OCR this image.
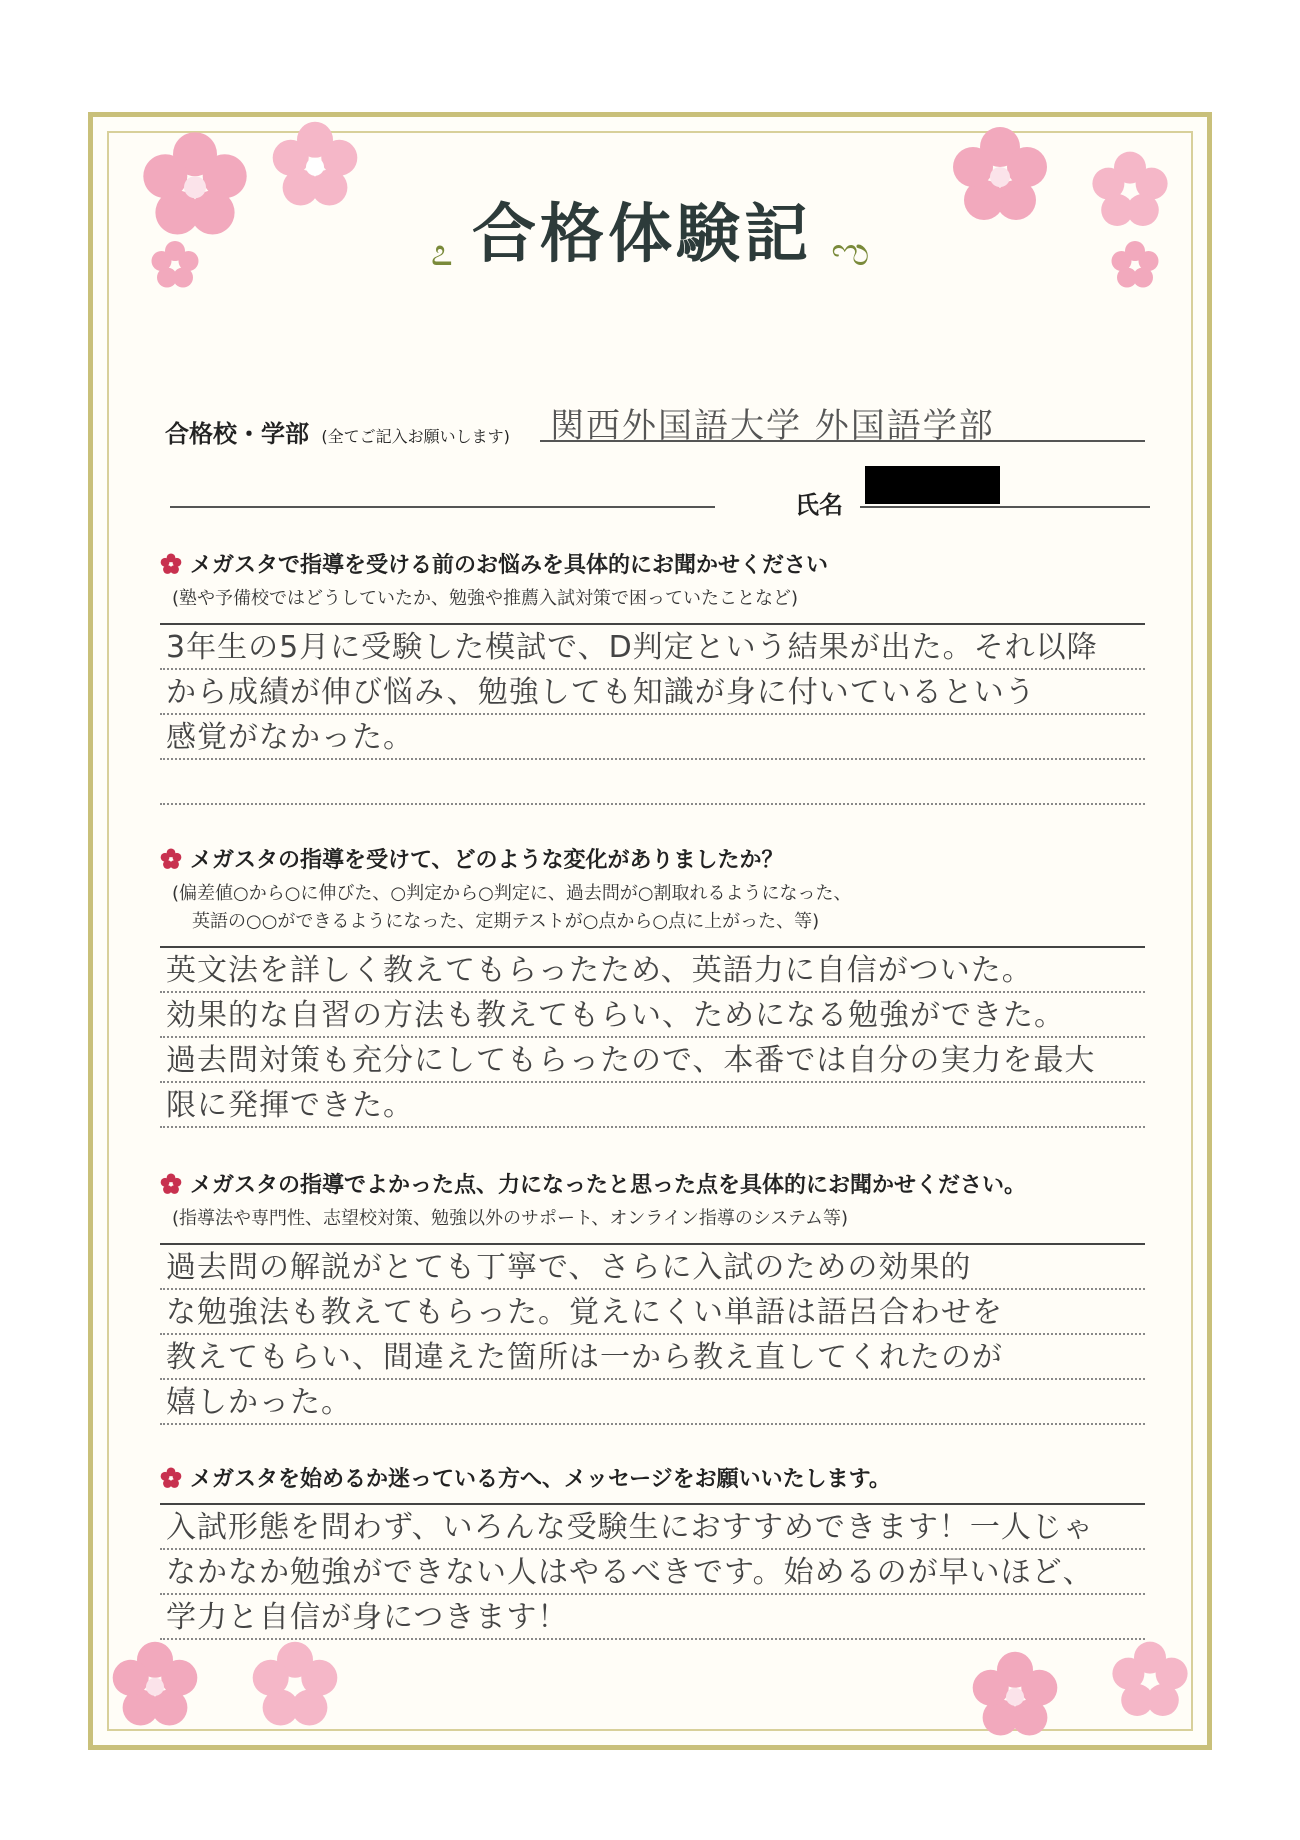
೭ 合格体験記 ಌ
合格校・学部 (全てご記入お願いします) 関西外国語大学 外国語学部
氏名
メガスタで指導を受ける前のお悩みを具体的にお聞かせください
(塾や予備校ではどうしていたか、勉強や推薦入試対策で困っていたことなど)
3年生の5月に受験した模試で、D判定という結果が出た。それ以降
から成績が伸び悩み、勉強しても知識が身に付いているという
感覚がなかった。
メガスタの指導を受けて、どのような変化がありましたか？
(偏差値○から○に伸びた、○判定から○判定に、過去問が○割取れるようになった、
英語の○○ができるようになった、定期テストが○点から○点に上がった、等)
英文法を詳しく教えてもらったため、英語力に自信がついた。
効果的な自習の方法も教えてもらい、ためになる勉強ができた。
過去問対策も充分にしてもらったので、本番では自分の実力を最大
限に発揮できた。
メガスタの指導でよかった点、力になったと思った点を具体的にお聞かせください。
(指導法や専門性、志望校対策、勉強以外のサポート、オンライン指導のシステム等)
過去問の解説がとても丁寧で、さらに入試のための効果的
な勉強法も教えてもらった。覚えにくい単語は語呂合わせを
教えてもらい、間違えた箇所は一から教え直してくれたのが
嬉しかった。
メガスタを始めるか迷っている方へ、メッセージをお願いいたします。
入試形態を問わず、いろんな受験生におすすめできます！一人じゃ
なかなか勉強ができない人はやるべきです。始めるのが早いほど、
学力と自信が身につきます！
